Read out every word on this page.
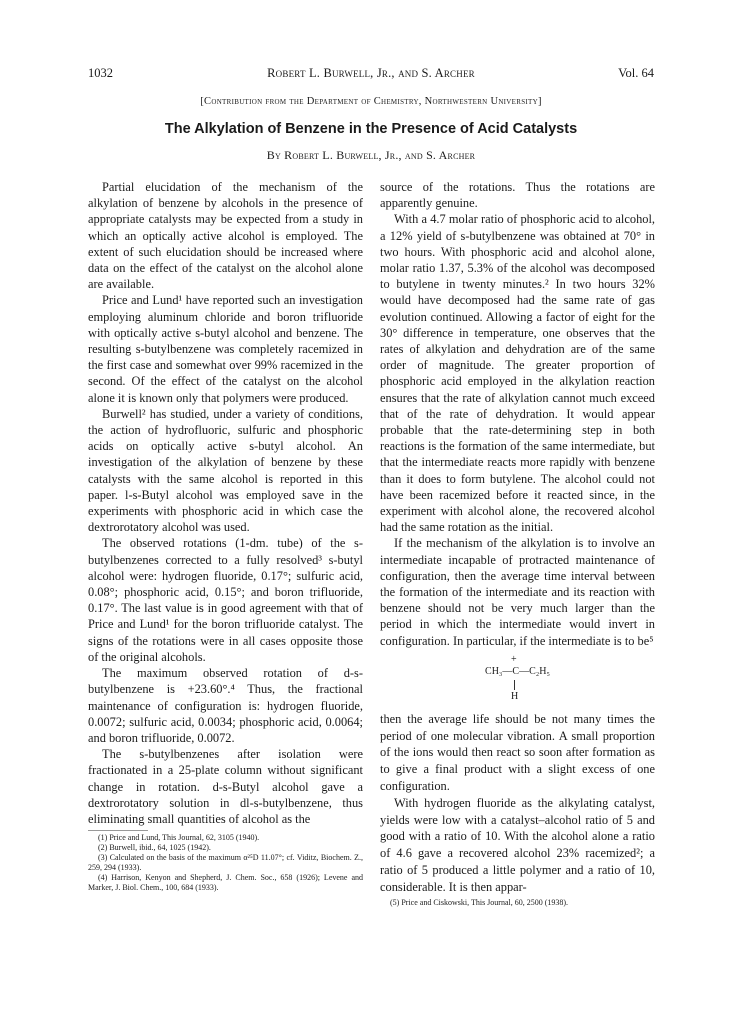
1032	Robert L. Burwell, Jr., and S. Archer	Vol. 64
[Contribution from the Department of Chemistry, Northwestern University]
The Alkylation of Benzene in the Presence of Acid Catalysts
By Robert L. Burwell, Jr., and S. Archer

Partial elucidation of the mechanism of the alkylation of benzene by alcohols in the presence of appropriate catalysts may be expected from a study in which an optically active alcohol is employed. The extent of such elucidation should be increased where data on the effect of the catalyst on the alcohol alone are available.

Price and Lund¹ have reported such an investigation employing aluminum chloride and boron trifluoride with optically active s-butyl alcohol and benzene. The resulting s-butylbenzene was completely racemized in the first case and somewhat over 99% racemized in the second. Of the effect of the catalyst on the alcohol alone it is known only that polymers were produced.

Burwell² has studied, under a variety of conditions, the action of hydrofluoric, sulfuric and phosphoric acids on optically active s-butyl alcohol. An investigation of the alkylation of benzene by these catalysts with the same alcohol is reported in this paper. l-s-Butyl alcohol was employed save in the experiments with phosphoric acid in which case the dextrorotatory alcohol was used.

The observed rotations (1-dm. tube) of the s-butylbenzenes corrected to a fully resolved³ s-butyl alcohol were: hydrogen fluoride, 0.17°; sulfuric acid, 0.08°; phosphoric acid, 0.15°; and boron trifluoride, 0.17°. The last value is in good agreement with that of Price and Lund¹ for the boron trifluoride catalyst. The signs of the rotations were in all cases opposite those of the original alcohols.

The maximum observed rotation of d-s-butylbenzene is +23.60°.⁴ Thus, the fractional maintenance of configuration is: hydrogen fluoride, 0.0072; sulfuric acid, 0.0034; phosphoric acid, 0.0064; and boron trifluoride, 0.0072.

The s-butylbenzenes after isolation were fractionated in a 25-plate column without significant change in rotation. d-s-Butyl alcohol gave a dextrorotatory solution in dl-s-butylbenzene, thus eliminating small quantities of alcohol as the

(1) Price and Lund, This Journal, 62, 3105 (1940).
(2) Burwell, ibid., 64, 1025 (1942).
(3) Calculated on the basis of the maximum α²⁵D 11.07°; cf. Viditz, Biochem. Z., 259, 294 (1933).
(4) Harrison, Kenyon and Shepherd, J. Chem. Soc., 658 (1926); Levene and Marker, J. Biol. Chem., 100, 684 (1933).

source of the rotations. Thus the rotations are apparently genuine.

With a 4.7 molar ratio of phosphoric acid to alcohol, a 12% yield of s-butylbenzene was obtained at 70° in two hours. With phosphoric acid and alcohol alone, molar ratio 1.37, 5.3% of the alcohol was decomposed to butylene in twenty minutes.² In two hours 32% would have decomposed had the same rate of gas evolution continued. Allowing a factor of eight for the 30° difference in temperature, one observes that the rates of alkylation and dehydration are of the same order of magnitude. The greater proportion of phosphoric acid employed in the alkylation reaction ensures that the rate of alkylation cannot much exceed that of the rate of dehydration. It would appear probable that the rate-determining step in both reactions is the formation of the same intermediate, but that the intermediate reacts more rapidly with benzene than it does to form butylene. The alcohol could not have been racemized before it reacted since, in the experiment with alcohol alone, the recovered alcohol had the same rotation as the initial.

If the mechanism of the alkylation is to involve an intermediate incapable of protracted maintenance of configuration, then the average time interval between the formation of the intermediate and its reaction with benzene should not be very much larger than the period in which the intermediate would invert in configuration. In particular, if the intermediate is to be⁵

+
CH₃—C—C₂H₅
H

then the average life should be not many times the period of one molecular vibration. A small proportion of the ions would then react so soon after formation as to give a final product with a slight excess of one configuration.

With hydrogen fluoride as the alkylating catalyst, yields were low with a catalyst–alcohol ratio of 5 and good with a ratio of 10. With the alcohol alone a ratio of 4.6 gave a recovered alcohol 23% racemized²; a ratio of 5 produced a little polymer and a ratio of 10, considerable. It is then appar-

(5) Price and Ciskowski, This Journal, 60, 2500 (1938).
